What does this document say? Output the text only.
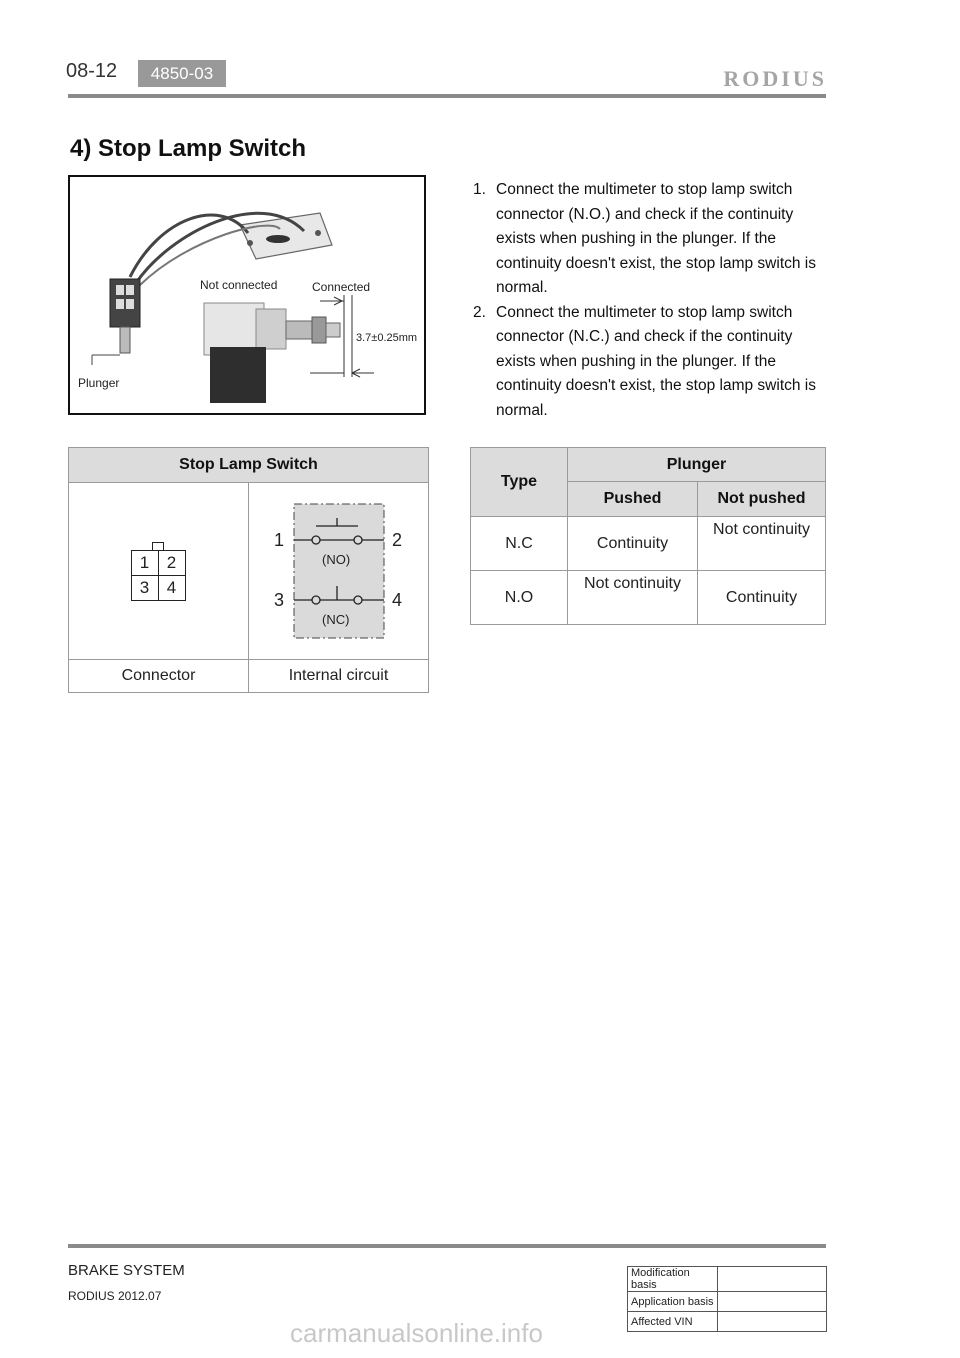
08-12	4850-03	RODIUS
4) Stop Lamp Switch
Plunger
Not connected	Connected
3.7±0.25mm
1. Connect the multimeter to stop lamp switch connector (N.O.) and check if the continuity exists when pushing in the plunger. If the continuity doesn't exist, the stop lamp switch is normal.
2. Connect the multimeter to stop lamp switch connector (N.C.) and check if the continuity exists when pushing in the plunger. If the continuity doesn't exist, the stop lamp switch is normal.
Stop Lamp Switch

1	2
3	4

1	2
3	4
(NO)
(NC)

Connector	Internal circuit
Type	Plunger	
	Pushed	Not pushed
N.C	Continuity	Not continuity
N.O	Not continuity	Continuity
BRAKE SYSTEM
RODIUS 2012.07
Modification basis	
Application basis	
Affected VIN	
carmanualsonline.info
